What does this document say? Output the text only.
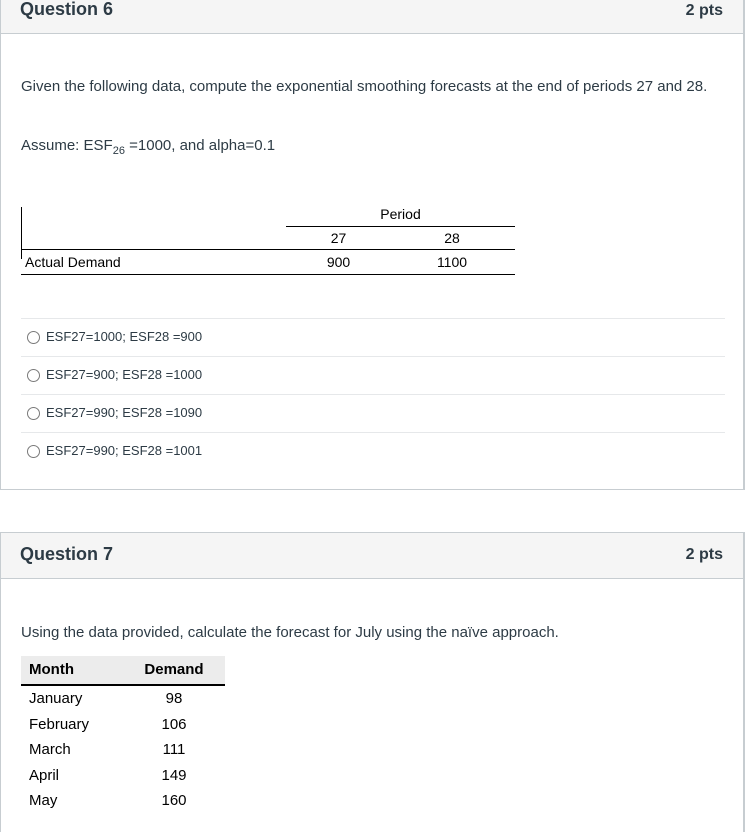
Question 6	2 pts
Given the following data, compute the exponential smoothing forecasts at the end of periods 27 and 28.
Assume: $ESF_{26} =1000$, and alpha=0.1
Period
27	28
Actual Demand	900	1100
ESF27=1000; ESF28 =900
ESF27=900; ESF28 =1000
ESF27=990; ESF28 =1090
ESF27=990; ESF28 =1001
Question 7	2 pts
Using the data provided, calculate the forecast for July using the naïve approach.
Month	Demand
January	98
February	106
March	111
April	149
May	160
